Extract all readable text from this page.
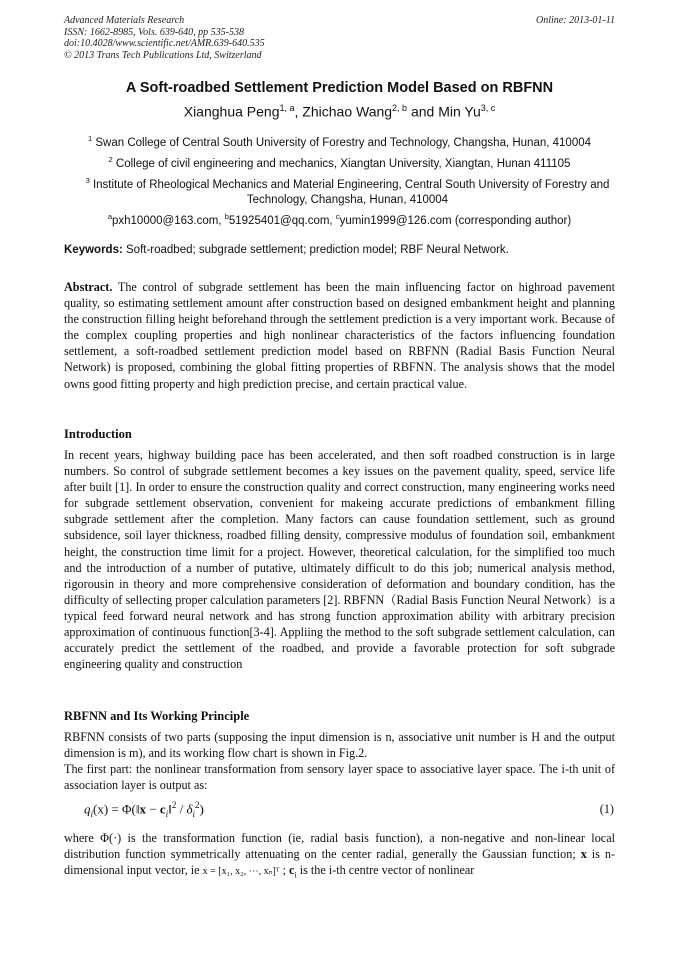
Advanced Materials Research
ISSN: 1662-8985, Vols. 639-640, pp 535-538
doi:10.4028/www.scientific.net/AMR.639-640.535
© 2013 Trans Tech Publications Ltd, Switzerland
Online: 2013-01-11
A Soft-roadbed Settlement Prediction Model Based on RBFNN
Xianghua Peng$^{1, a}$, Zhichao Wang$^{2, b}$ and Min Yu$^{3, c}$
$^1$ Swan College of Central South University of Forestry and Technology, Changsha, Hunan, 410004
$^2$ College of civil engineering and mechanics, Xiangtan University, Xiangtan, Hunan 411105
$^3$ Institute of Rheological Mechanics and Material Engineering, Central South University of Forestry and Technology, Changsha, Hunan, 410004
$^a$pxh10000@163.com, $^b$51925401@qq.com, $^c$yumin1999@126.com (corresponding author)
Keywords: Soft-roadbed; subgrade settlement; prediction model; RBF Neural Network.
Abstract. The control of subgrade settlement has been the main influencing factor on highroad pavement quality, so estimating settlement amount after construction based on designed embankment height and planning the construction filling height beforehand through the settlement prediction is a very important work. Because of the complex coupling properties and high nonlinear characteristics of the factors influencing foundation settlement, a soft-roadbed settlement prediction model based on RBFNN (Radial Basis Function Neural Network) is proposed, combining the global fitting properties of RBFNN. The analysis shows that the model owns good fitting property and high prediction precise, and certain practical value.
Introduction
In recent years, highway building pace has been accelerated, and then soft roadbed construction is in large numbers. So control of subgrade settlement becomes a key issues on the pavement quality, speed, service life after built [1]. In order to ensure the construction quality and correct construction, many engineering works need for subgrade settlement observation, convenient for makeing accurate predictions of embankment filling subgrade settlement after the completion. Many factors can cause foundation settlement, such as ground subsidence, soil layer thickness, roadbed filling density, compressive modulus of foundation soil, embankment height, the construction time limit for a project. However, theoretical calculation, for the simplified too much and the introduction of a number of putative, ultimately difficult to do this job; numerical analysis method, rigorousin in theory and more comprehensive consideration of deformation and boundary condition, has the difficulty of sellecting proper calculation parameters [2]. RBFNN（Radial Basis Function Neural Network）is a typical feed forward neural network and has strong function approximation ability with arbitrary precision approximation of continuous function[3-4]. Appliing the method to the soft subgrade settlement calculation, can accurately predict the settlement of the roadbed, and provide a favorable protection for soft subgrade engineering quality and construction
RBFNN and Its Working Principle
RBFNN consists of two parts (supposing the input dimension is n, associative unit number is H and the output dimension is m), and its working flow chart is shown in Fig.2.
The first part: the nonlinear transformation from sensory layer space to associative layer space. The i-th unit of association layer is output as:
$q_i(x)$ = Φ(‖x − $c_i‖^2 / \delta_i^2$)	(1)
where Φ(·) is the transformation function (ie, radial basis function), a non-negative and non-linear local distribution function symmetrically attenuating on the center radial, generally the Gaussian function; x is n-dimensional input vector, ie x = [x₁, x₂, ⋯, xₙ]ᵀ ; $c_i$ is the i-th centre vector of nonlinear
